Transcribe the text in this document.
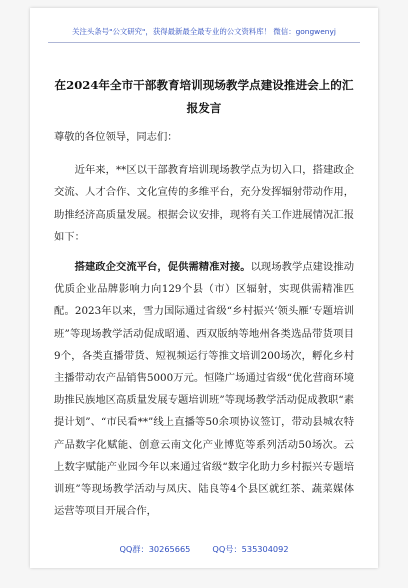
关注头条号"公文研究"，获得最新最全最专业的公文资料库！ 微信：gongwenyj
在2024年全市干部教育培训现场教学点建设推进会上的汇报发言

尊敬的各位领导，同志们：

近年来，**区以干部教育培训现场教学点为切入口，搭建政企交流、人才合作、文化宣传的多维平台，充分发挥辐射带动作用，助推经济高质量发展。根据会议安排，现将有关工作进展情况汇报如下：

搭建政企交流平台，促供需精准对接。以现场教学点建设推动优质企业品牌影响力向129个县（市）区辐射，实现供需精准匹配。2023年以来，雪力国际通过省级“乡村振兴‘领头雁’专题培训班”等现场教学活动促成昭通、西双版纳等地州各类选品带货项目9个，各类直播带货、短视频运行等推文培训200场次，孵化乡村主播带动农产品销售5000万元。恒隆广场通过省级“优化营商环境助推民族地区高质量发展专题培训班”等现场教学活动促成教职“素提计划”、“市民看**”线上直播等50余项协议签订，带动县城农特产品数字化赋能、创意云南文化产业博览等系列活动50场次。云上数字赋能产业园今年以来通过省级“数字化助力乡村振兴专题培训班”等现场教学活动与凤庆、陆良等4个县区就红茶、蔬菜媒体运营等项目开展合作，

QQ群：30265665	QQ号：535304092
